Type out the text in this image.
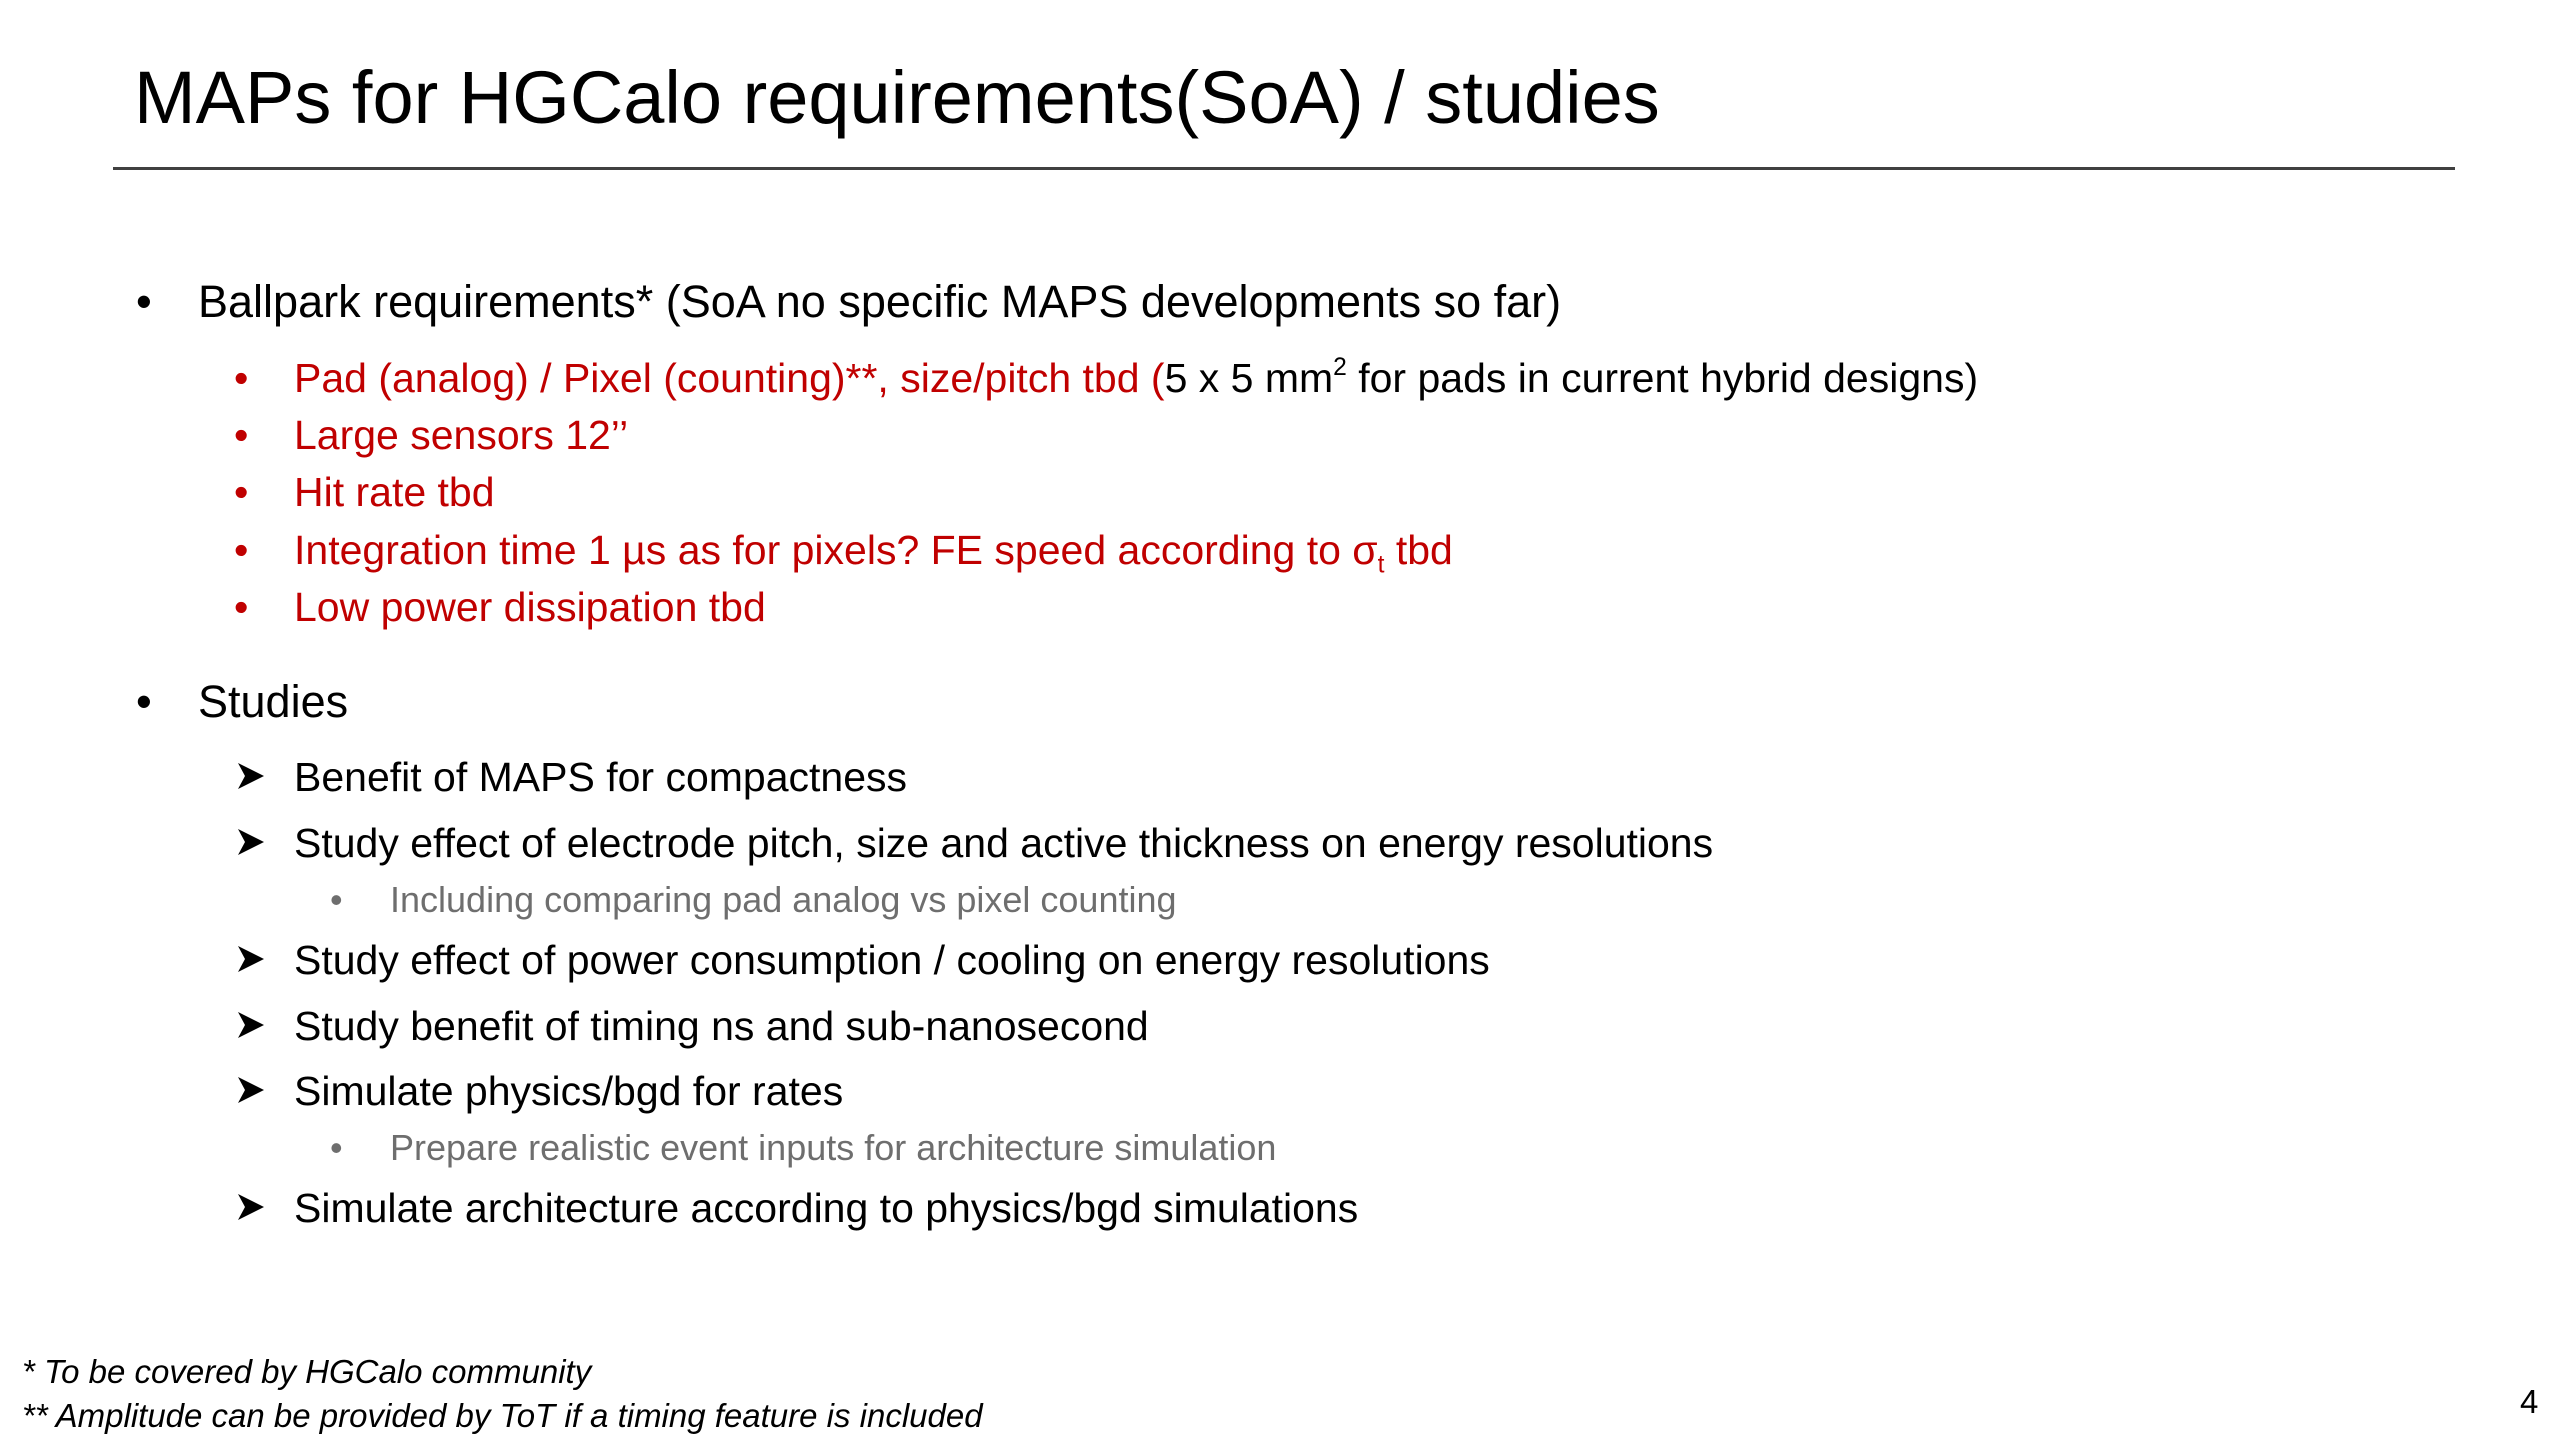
MAPs for HGCalo requirements(SoA) / studies
• Ballpark requirements* (SoA no specific MAPS developments so far)
• Pad (analog) / Pixel (counting)**, size/pitch tbd (5 x 5 $mm^2$ for pads in current hybrid designs)
• Large sensors 12’’
• Hit rate tbd
• Integration time 1 µs as for pixels? FE speed according to $\sigma_t$ tbd
• Low power dissipation tbd
• Studies
Benefit of MAPS for compactness
Study effect of electrode pitch, size and active thickness on energy resolutions
• Including comparing pad analog vs pixel counting
Study effect of power consumption / cooling on energy resolutions
Study benefit of timing ns and sub-nanosecond
Simulate physics/bgd for rates
• Prepare realistic event inputs for architecture simulation
Simulate architecture according to physics/bgd simulations
* To be covered by HGCalo community
** Amplitude can be provided by ToT if a timing feature is included	4
